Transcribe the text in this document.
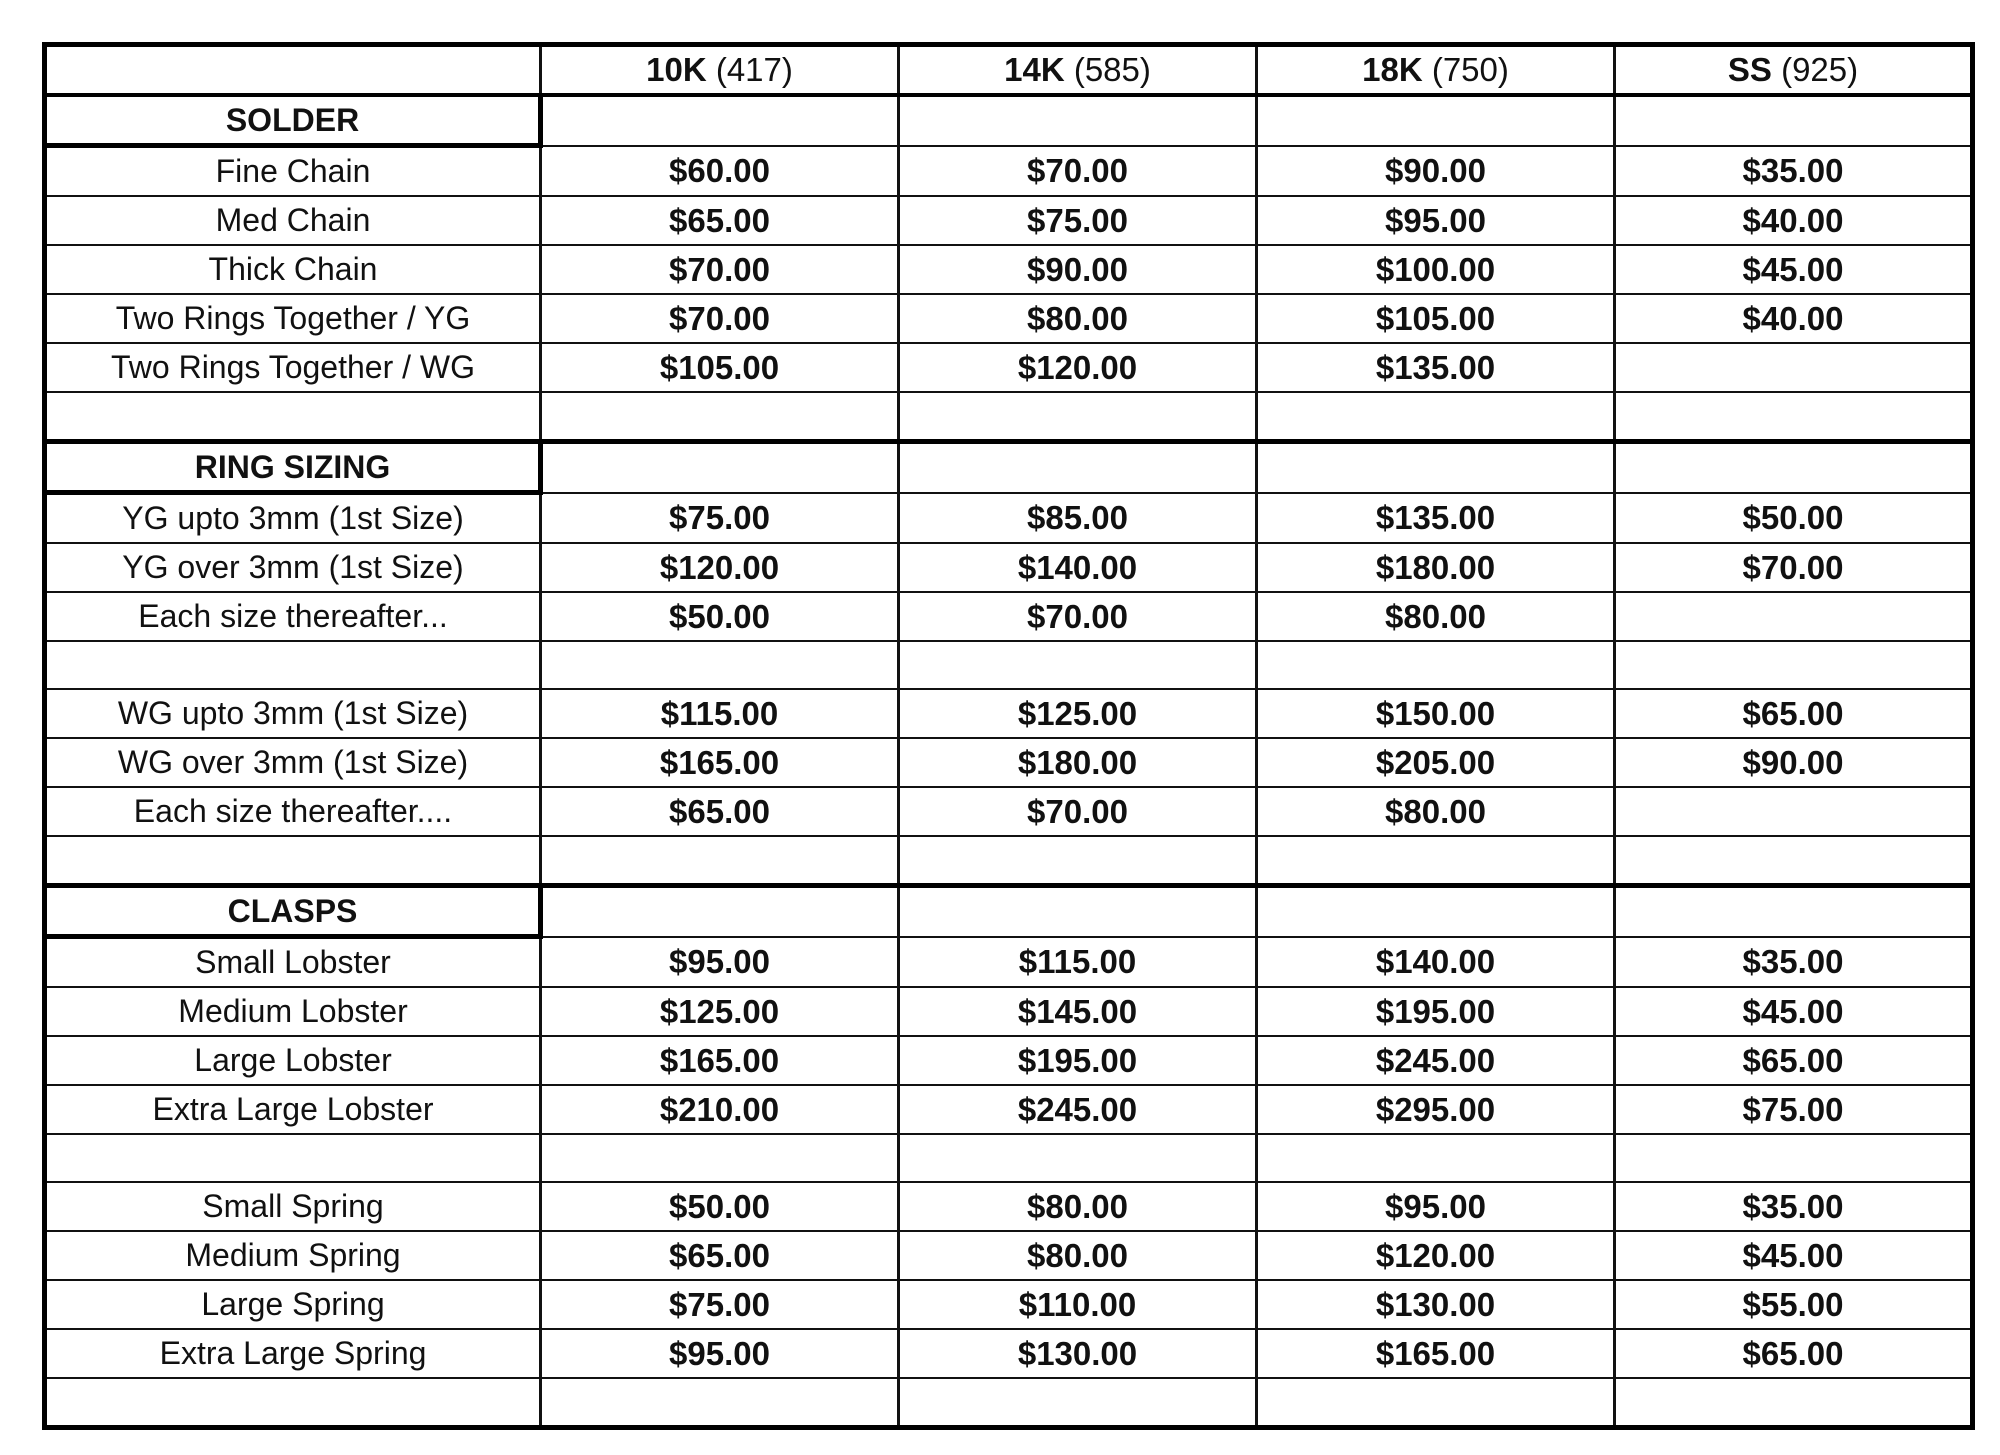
	10K (417)	14K (585)	18K (750)	SS (925)
SOLDER				
Fine Chain	$60.00	$70.00	$90.00	$35.00
Med Chain	$65.00	$75.00	$95.00	$40.00
Thick Chain	$70.00	$90.00	$100.00	$45.00
Two Rings Together / YG	$70.00	$80.00	$105.00	$40.00
Two Rings Together / WG	$105.00	$120.00	$135.00	

RING SIZING				
YG upto 3mm (1st Size)	$75.00	$85.00	$135.00	$50.00
YG over 3mm (1st Size)	$120.00	$140.00	$180.00	$70.00
Each size thereafter...	$50.00	$70.00	$80.00	

WG upto 3mm (1st Size)	$115.00	$125.00	$150.00	$65.00
WG over 3mm (1st Size)	$165.00	$180.00	$205.00	$90.00
Each size thereafter....	$65.00	$70.00	$80.00	

CLASPS				
Small Lobster	$95.00	$115.00	$140.00	$35.00
Medium Lobster	$125.00	$145.00	$195.00	$45.00
Large Lobster	$165.00	$195.00	$245.00	$65.00
Extra Large Lobster	$210.00	$245.00	$295.00	$75.00

Small Spring	$50.00	$80.00	$95.00	$35.00
Medium Spring	$65.00	$80.00	$120.00	$45.00
Large Spring	$75.00	$110.00	$130.00	$55.00
Extra Large Spring	$95.00	$130.00	$165.00	$65.00
